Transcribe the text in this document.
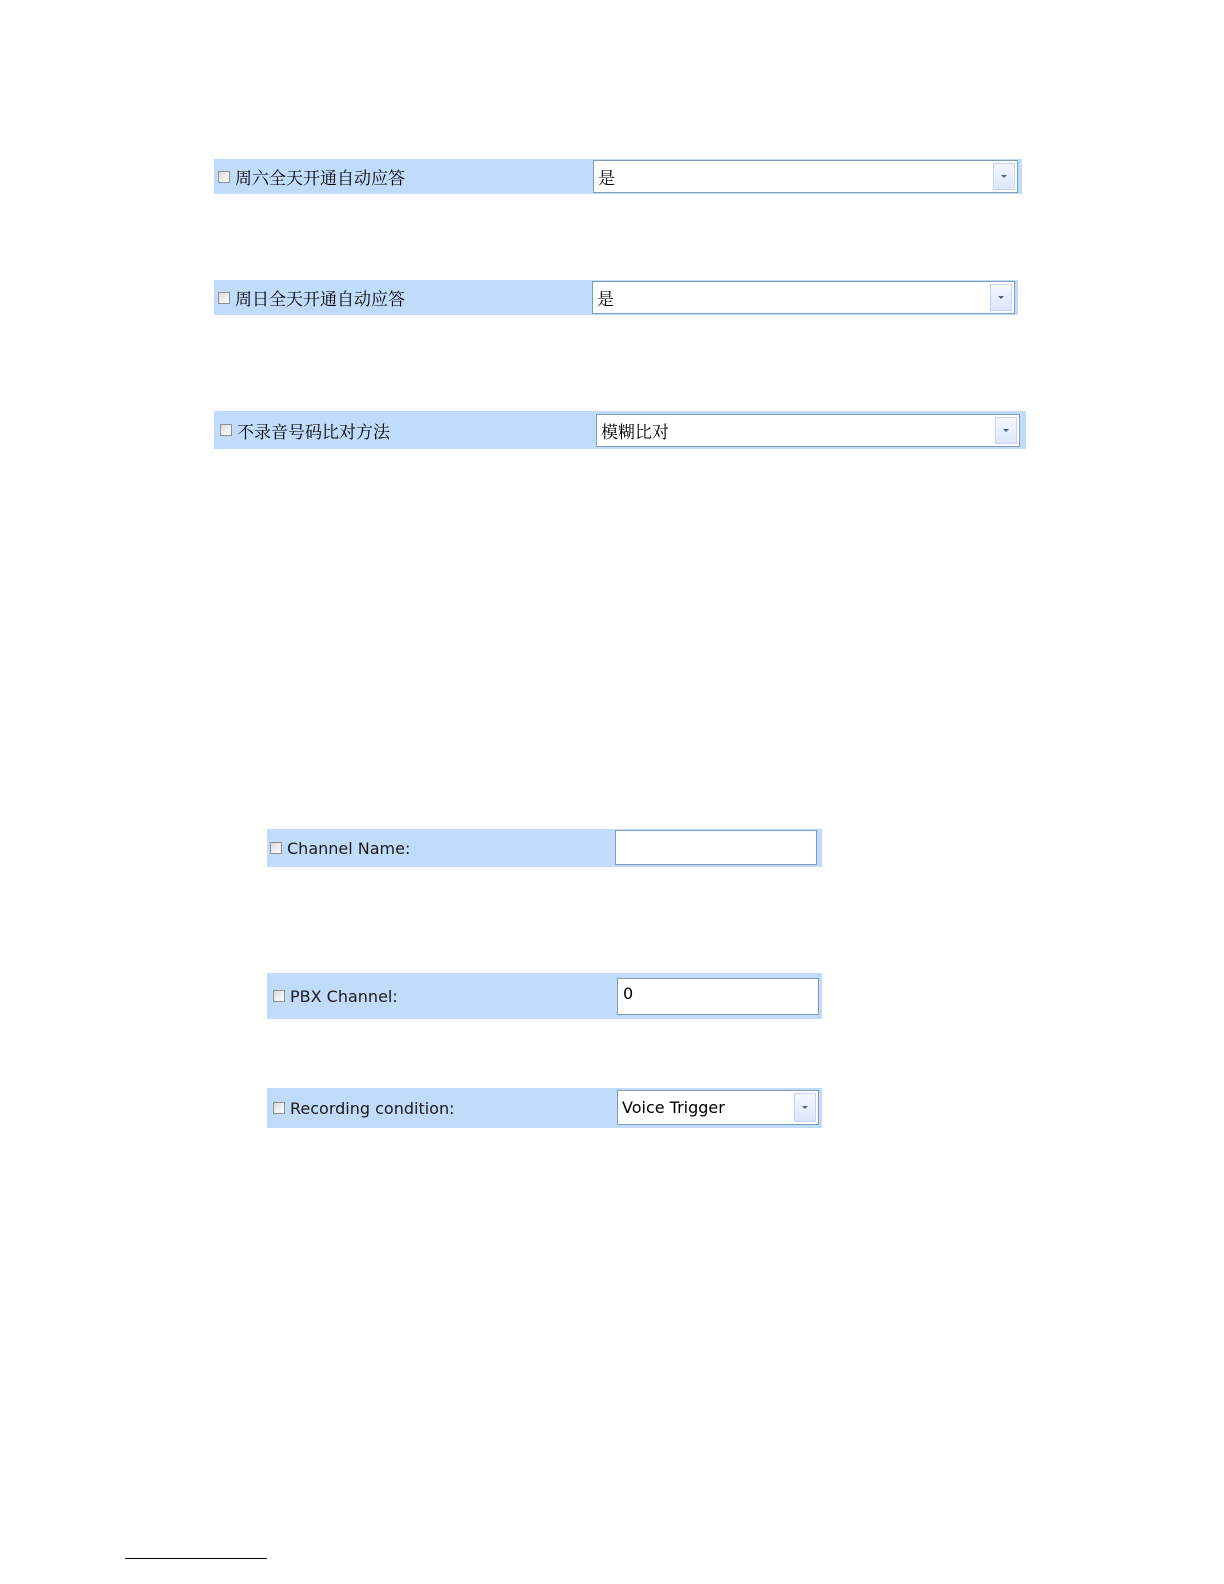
周六全天开通自动应答	是
周日全天开通自动应答	是
不录音号码比对方法	模糊比对
Channel Name:
PBX Channel:	0
Recording condition:	Voice Trigger
